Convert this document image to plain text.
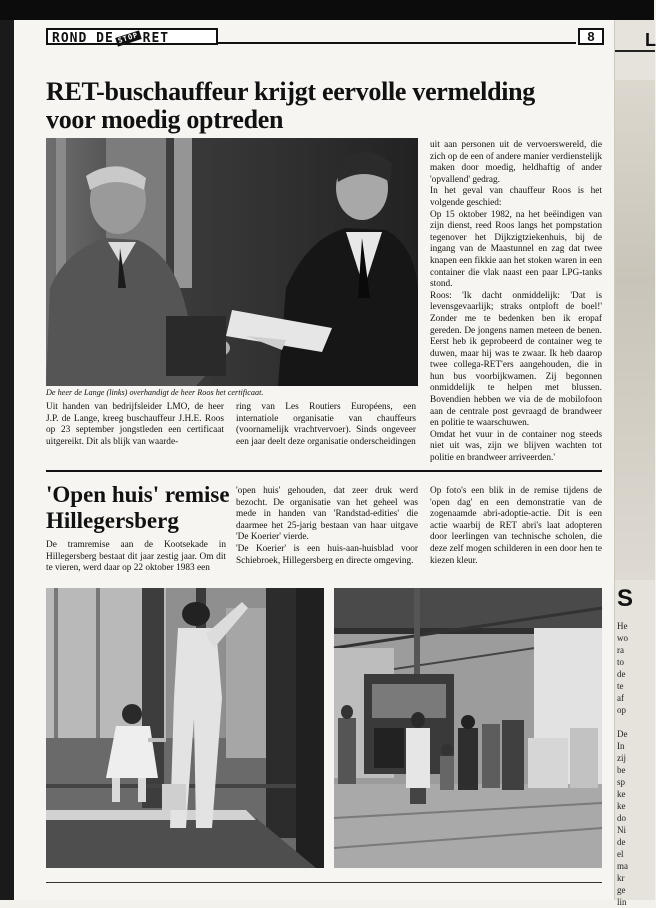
L
S
He
wo
ra
to
de
te
af
op

De
In
zij
be
sp
ke
ke
do
Ni
de
el
ma
kr
ge
lin
ROND DE STOP RET	8
RET-buschauffeur krijgt eervolle vermelding voor moedig optreden
De heer de Lange (links) overhandigt de heer Roos het certificaat.
Uit handen van bedrijfsleider LMO, de heer J.P. de Lange, kreeg buschauffeur J.H.E. Roos op 23 september jongstleden een certificaat uitgereikt. Dit als blijk van waarde-
ring van Les Routiers Européens, een internatiole organisatie van chauffeurs (voornamelijk vrachtvervoer). Sinds ongeveer een jaar deelt deze organisatie onderscheidingen

uit aan personen uit de vervoerswereld, die zich op de een of andere manier verdienstelijk maken door moedig, heldhaftig of ander 'opvallend' gedrag.

In het geval van chauffeur Roos is het volgende geschied:

Op 15 oktober 1982, na het beëindigen van zijn dienst, reed Roos langs het pompstation tegenover het Dijkzigtziekenhuis, bij de ingang van de Maastunnel en zag dat twee knapen een fikkie aan het stoken waren in een container die vlak naast een paar LPG-tanks stond.

Roos: 'Ik dacht onmiddelijk: 'Dat is levensgevaarlijk; straks ontploft de boel!' Zonder me te bedenken ben ik eropaf gereden. De jongens namen meteen de benen. Eerst heb ik geprobeerd de container weg te duwen, maar hij was te zwaar. Ik heb daarop twee collega-RET'ers aangehouden, die in hun bus voorbijkwamen. Zij begonnen onmiddelijk te helpen met blussen. Bovendien hebben we via de de mobilofoon aan de centrale post gevraagd de brandweer en politie te waarschuwen.

Omdat het vuur in de container nog steeds niet uit was, zijn we blijven wachten tot politie en brandweer arriveerden.'

'Open huis' remise Hillegersberg
De tramremise aan de Kootsekade in Hillegersberg bestaat dit jaar zestig jaar. Om dit te vieren, werd daar op 22 oktober 1983 een

'open huis' gehouden, dat zeer druk werd bezocht. De organisatie van het geheel was mede in handen van 'Randstad-edities' die daarmee het 25-jarig bestaan van haar uitgave 'De Koerier' vierde.

'De Koerier' is een huis-aan-huisblad voor Schiebroek, Hillegersberg en directe omgeving.

Op foto's een blik in de remise tijdens de 'open dag' en een demonstratie van de zogenaamde abri-adoptie-actie. Dit is een actie waarbij de RET abri's laat adopteren door leerlingen van technische scholen, die deze zelf mogen schilderen in een door hen te kiezen kleur.
